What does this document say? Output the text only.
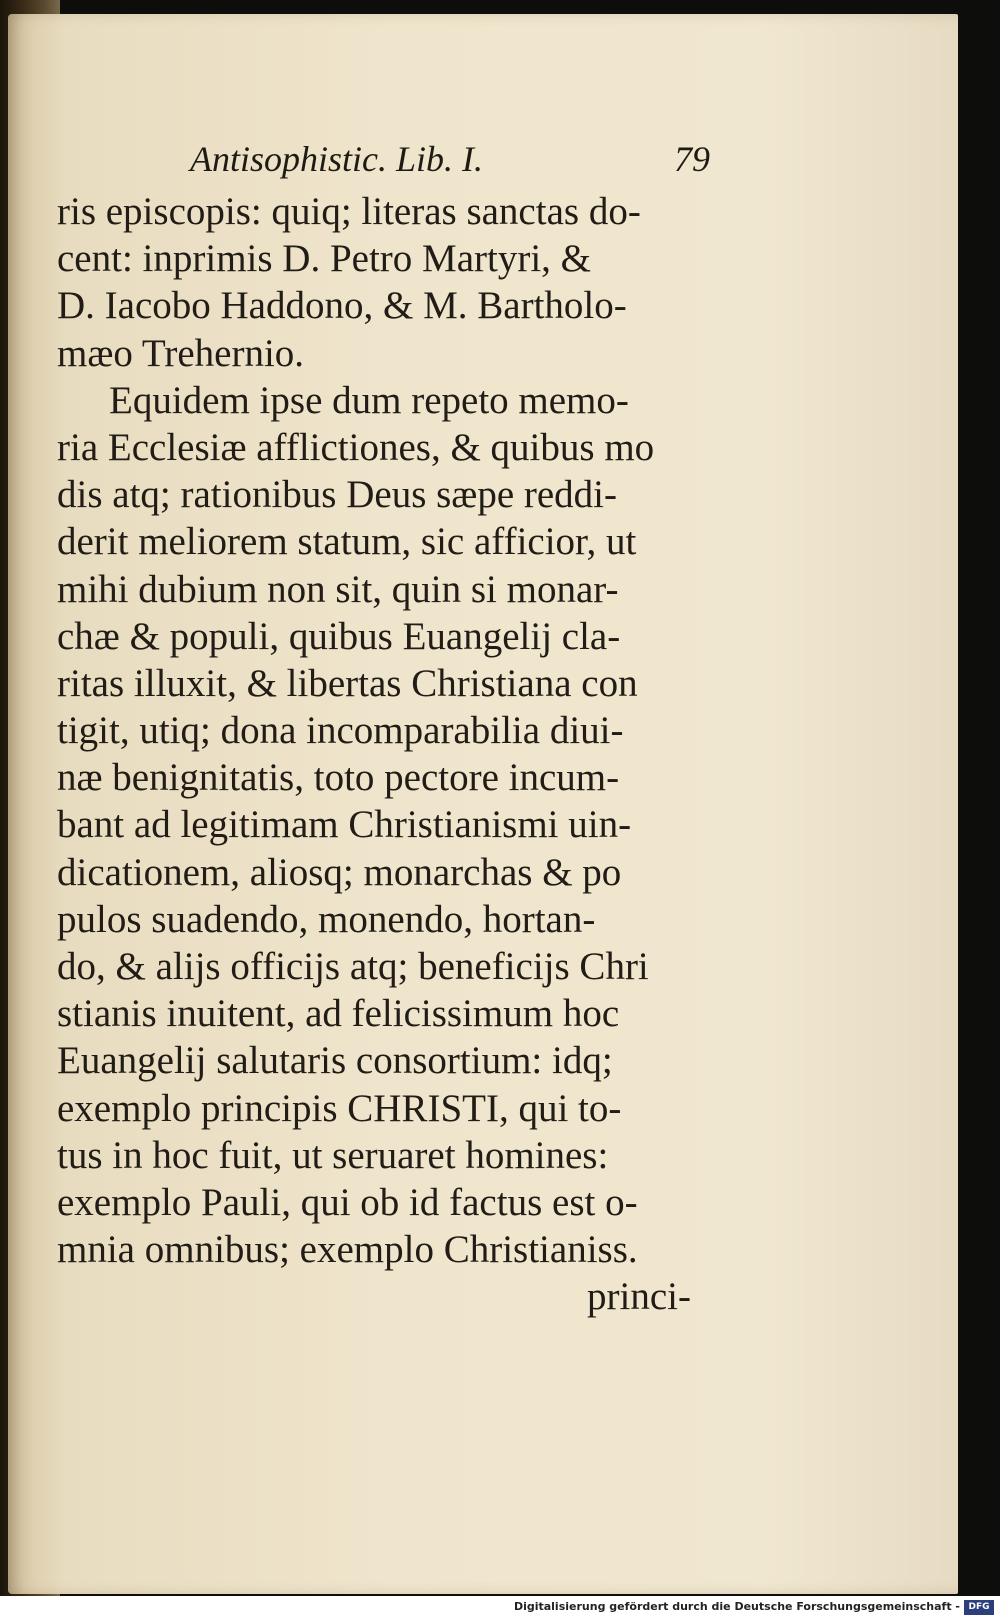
Antisophistic. Lib. I.	79
ris episcopis: quiq; literas sanctas do-
cent: inprimis D. Petro Martyri, &
D. Iacobo Haddono, & M. Bartholo-
mæo Trehernio.
Equidem ipse dum repeto memo-
ria Ecclesiæ afflictiones, & quibus mo
dis atq; rationibus Deus sæpe reddi-
derit meliorem statum, sic afficior, ut
mihi dubium non sit, quin si monar-
chæ & populi, quibus Euangelij cla-
ritas illuxit, & libertas Christiana con
tigit, utiq; dona incomparabilia diui-
næ benignitatis, toto pectore incum-
bant ad legitimam Christianismi uin-
dicationem, aliosq; monarchas & po
pulos suadendo, monendo, hortan-
do, & alijs officijs atq; beneficijs Chri
stianis inuitent, ad felicissimum hoc
Euangelij salutaris consortium: idq;
exemplo principis CHRISTI, qui to-
tus in hoc fuit, ut seruaret homines:
exemplo Pauli, qui ob id factus est o-
mnia omnibus; exemplo Christianiss.
princi-
Digitalisierung gefördert durch die Deutsche Forschungsgemeinschaft - DFG
